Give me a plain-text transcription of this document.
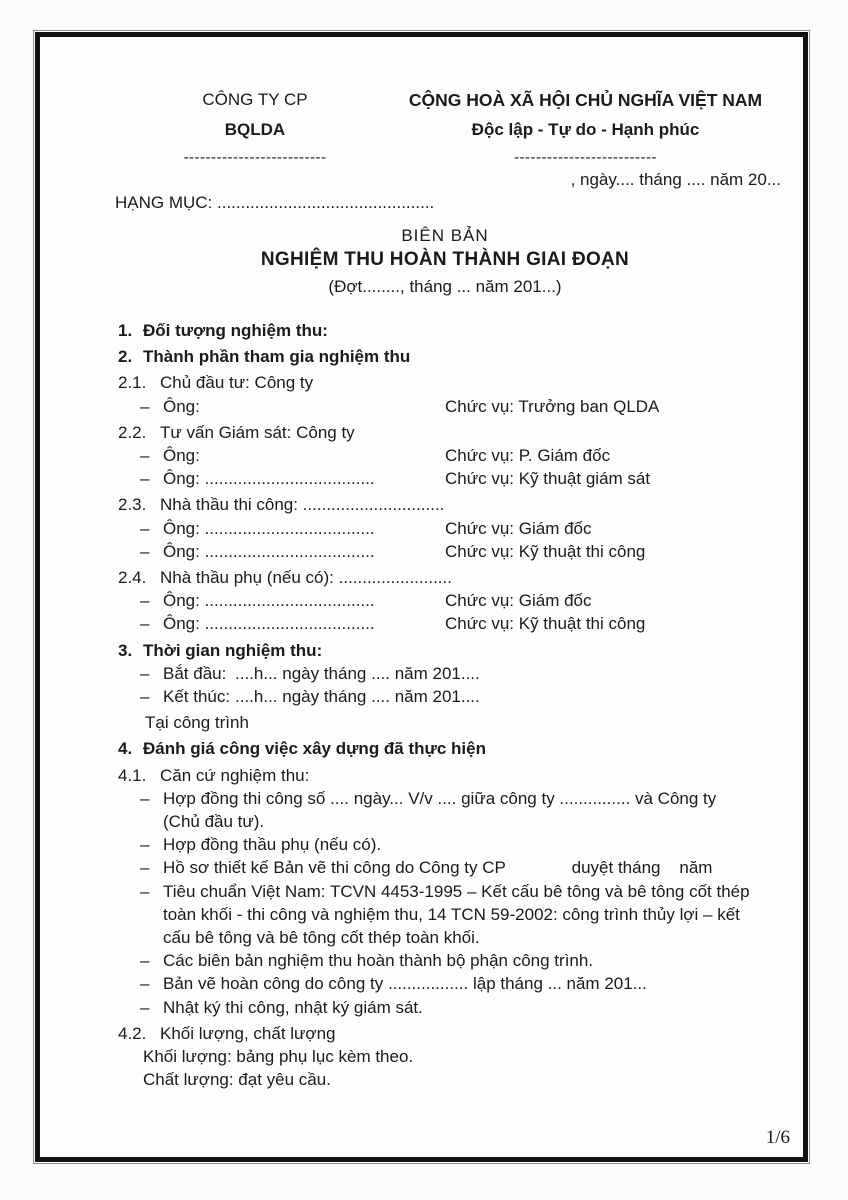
CÔNG TY CP
BQLDA
--------------------------
CỘNG HOÀ XÃ HỘI CHỦ NGHĨA VIỆT NAM
Độc lập - Tự do - Hạnh phúc
--------------------------
, ngày.... tháng .... năm 20...
HẠNG MỤC: ..............................................
BIÊN BẢN
NGHIỆM THU HOÀN THÀNH GIAI ĐOẠN
(Đợt........, tháng ... năm 201...)
1. Đối tượng nghiệm thu:
2. Thành phần tham gia nghiệm thu
2.1. Chủ đầu tư: Công ty
– Ông:	Chức vụ: Trưởng ban QLDA
2.2. Tư vấn Giám sát: Công ty
– Ông:	Chức vụ: P. Giám đốc
– Ông: ....................................	Chức vụ: Kỹ thuật giám sát
2.3. Nhà thầu thi công: ..............................
– Ông: ....................................	Chức vụ: Giám đốc
– Ông: ....................................	Chức vụ: Kỹ thuật thi công
2.4. Nhà thầu phụ (nếu có): ........................
– Ông: ....................................	Chức vụ: Giám đốc
– Ông: ....................................	Chức vụ: Kỹ thuật thi công
3. Thời gian nghiệm thu:
– Bắt đầu: ....h... ngày tháng .... năm 201....
– Kết thúc: ....h... ngày tháng .... năm 201....
Tại công trình
4. Đánh giá công việc xây dựng đã thực hiện
4.1. Căn cứ nghiệm thu:
– Hợp đồng thi công số .... ngày... V/v .... giữa công ty ............... và Công ty
(Chủ đầu tư).
– Hợp đồng thầu phụ (nếu có).
– Hồ sơ thiết kế Bản vẽ thi công do Công ty CP              duyệt tháng    năm
– Tiêu chuẩn Việt Nam: TCVN 4453-1995 – Kết cấu bê tông và bê tông cốt thép
toàn khối - thi công và nghiệm thu, 14 TCN 59-2002: công trình thủy lợi – kết
cấu bê tông và bê tông cốt thép toàn khối.
– Các biên bản nghiệm thu hoàn thành bộ phận công trình.
– Bản vẽ hoàn công do công ty ................. lập tháng ... năm 201...
– Nhật ký thi công, nhật ký giám sát.
4.2. Khối lượng, chất lượng
Khối lượng: bảng phụ lục kèm theo.
Chất lượng: đạt yêu cầu.
1/6
